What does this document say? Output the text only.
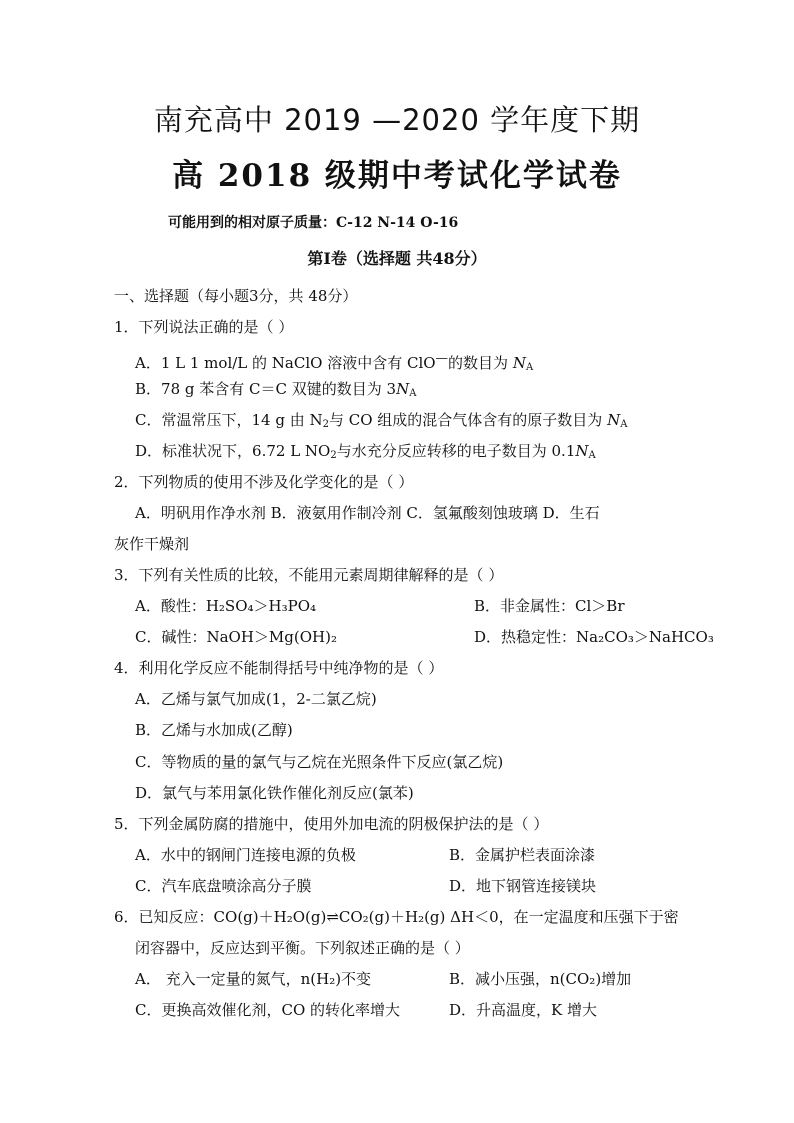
南充高中 2019 —2020 学年度下期
高 2018 级期中考试化学试卷
可能用到的相对原子质量：C-12 N-14 O-16
第Ⅰ卷（选择题 共48分）
一、选择题（每小题3分，共 48分）
1．下列说法正确的是（ ）
A．1 L 1 mol/L 的 NaClO 溶液中含有 ClO—的数目为 $N_A$
B．78 g 苯含有 C＝C 双键的数目为 $3N_A$
C．常温常压下，14 g 由 $N_2$与 CO 组成的混合气体含有的原子数目为 $N_A$
D．标准状况下，6.72 L $NO_2$与水充分反应转移的电子数目为 $0.1N_A$
2．下列物质的使用不涉及化学变化的是（ ）
A．明矾用作净水剂 B．液氨用作制冷剂 C．氢氟酸刻蚀玻璃 D．生石
灰作干燥剂
3．下列有关性质的比较，不能用元素周期律解释的是（ ）
A．酸性：H₂SO₄＞H₃PO₄	B．非金属性：Cl＞Br
C．碱性：NaOH＞Mg(OH)₂	D．热稳定性：Na₂CO₃＞NaHCO₃
4．利用化学反应不能制得括号中纯净物的是（ ）
A．乙烯与氯气加成(1，2-二氯乙烷)
B．乙烯与水加成(乙醇)
C．等物质的量的氯气与乙烷在光照条件下反应(氯乙烷)
D．氯气与苯用氯化铁作催化剂反应(氯苯)
5．下列金属防腐的措施中，使用外加电流的阴极保护法的是（ ）
A．水中的钢闸门连接电源的负极	B．金属护栏表面涂漆
C．汽车底盘喷涂高分子膜	D．地下钢管连接镁块
6．已知反应：CO(g)＋H₂O(g)⇌CO₂(g)＋H₂(g) ΔH＜0，在一定温度和压强下于密
闭容器中，反应达到平衡。下列叙述正确的是（ ）
A． 充入一定量的氮气，n(H₂)不变	B．减小压强，n(CO₂)增加
C．更换高效催化剂，CO 的转化率增大	D．升高温度，K 增大
